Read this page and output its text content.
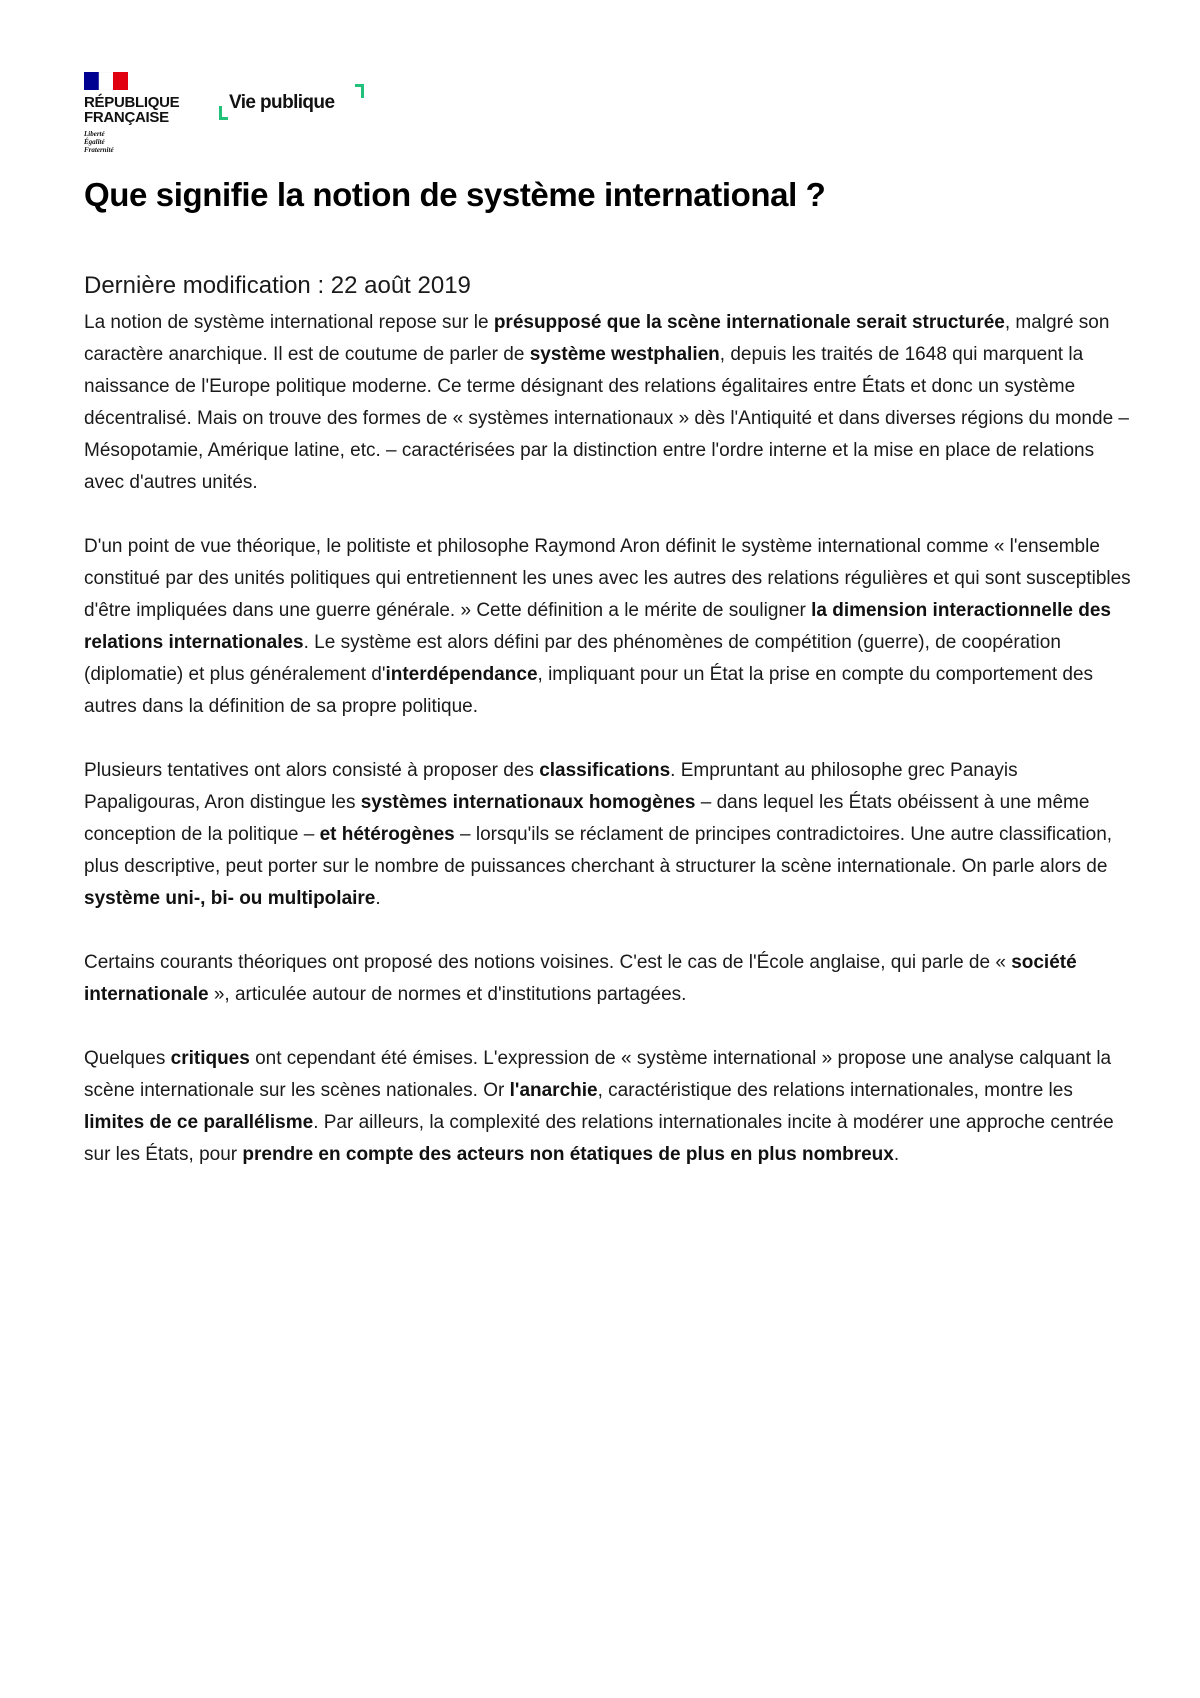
RÉPUBLIQUE
FRANÇAISE
Liberté
Égalité
Fraternité
Vie publique
Que signifie la notion de système international ?

Dernière modification : 22 août 2019

La notion de système international repose sur le présupposé que la scène internationale serait structurée, malgré son caractère anarchique. Il est de coutume de parler de système westphalien, depuis les traités de 1648 qui marquent la naissance de l'Europe politique moderne. Ce terme désignant des relations égalitaires entre États et donc un système décentralisé. Mais on trouve des formes de « systèmes internationaux » dès l'Antiquité et dans diverses régions du monde – Mésopotamie, Amérique latine, etc. – caractérisées par la distinction entre l'ordre interne et la mise en place de relations avec d'autres unités.

D'un point de vue théorique, le politiste et philosophe Raymond Aron définit le système international comme « l'ensemble constitué par des unités politiques qui entretiennent les unes avec les autres des relations régulières et qui sont susceptibles d'être impliquées dans une guerre générale. » Cette définition a le mérite de souligner la dimension interactionnelle des relations internationales. Le système est alors défini par des phénomènes de compétition (guerre), de coopération (diplomatie) et plus généralement d'interdépendance, impliquant pour un État la prise en compte du comportement des autres dans la définition de sa propre politique.

Plusieurs tentatives ont alors consisté à proposer des classifications. Empruntant au philosophe grec Panayis Papaligouras, Aron distingue les systèmes internationaux homogènes – dans lequel les États obéissent à une même conception de la politique – et hétérogènes – lorsqu'ils se réclament de principes contradictoires. Une autre classification, plus descriptive, peut porter sur le nombre de puissances cherchant à structurer la scène internationale. On parle alors de système uni-, bi- ou multipolaire.

Certains courants théoriques ont proposé des notions voisines. C'est le cas de l'École anglaise, qui parle de « société internationale », articulée autour de normes et d'institutions partagées.

Quelques critiques ont cependant été émises. L'expression de « système international » propose une analyse calquant la scène internationale sur les scènes nationales. Or l'anarchie, caractéristique des relations internationales, montre les limites de ce parallélisme. Par ailleurs, la complexité des relations internationales incite à modérer une approche centrée sur les États, pour prendre en compte des acteurs non étatiques de plus en plus nombreux.
